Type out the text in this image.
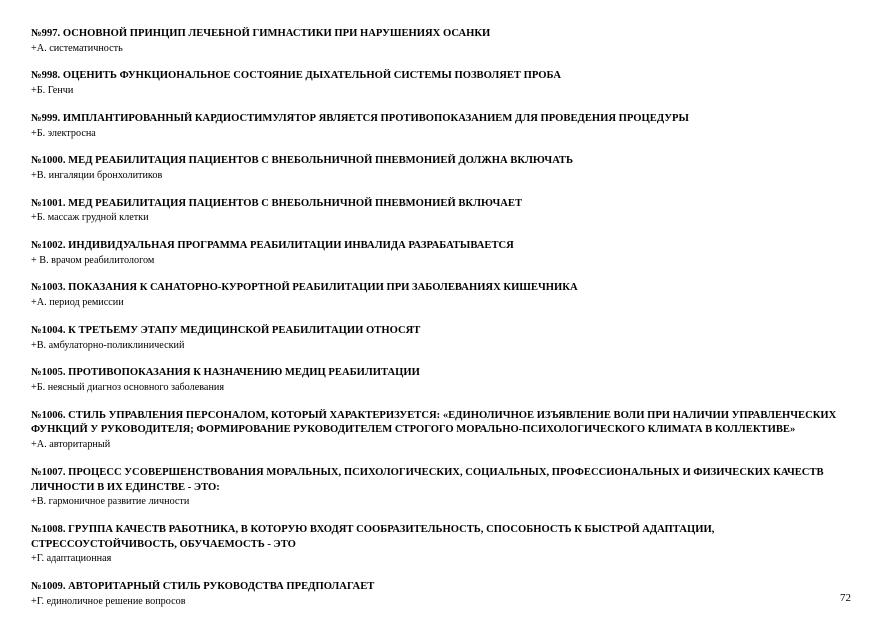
№997. ОСНОВНОЙ ПРИНЦИП ЛЕЧЕБНОЙ ГИМНАСТИКИ ПРИ НАРУШЕНИЯХ ОСАНКИ
+А. систематичность
№998. ОЦЕНИТЬ ФУНКЦИОНАЛЬНОЕ СОСТОЯНИЕ ДЫХАТЕЛЬНОЙ СИСТЕМЫ ПОЗВОЛЯЕТ ПРОБА
+Б. Генчи
№999. ИМПЛАНТИРОВАННЫЙ КАРДИОСТИМУЛЯТОР ЯВЛЯЕТСЯ ПРОТИВОПОКАЗАНИЕМ ДЛЯ ПРОВЕДЕНИЯ ПРОЦЕДУРЫ
+Б. электросна
№1000. МЕД РЕАБИЛИТАЦИЯ ПАЦИЕНТОВ С ВНЕБОЛЬНИЧНОЙ ПНЕВМОНИЕЙ ДОЛЖНА ВКЛЮЧАТЬ
+В. ингаляции бронхолитиков
№1001. МЕД РЕАБИЛИТАЦИЯ ПАЦИЕНТОВ С ВНЕБОЛЬНИЧНОЙ ПНЕВМОНИЕЙ ВКЛЮЧАЕТ
+Б. массаж грудной клетки
№1002. ИНДИВИДУАЛЬНАЯ ПРОГРАММА РЕАБИЛИТАЦИИ ИНВАЛИДА РАЗРАБАТЫВАЕТСЯ
+ В. врачом реабилитологом
№1003. ПОКАЗАНИЯ К САНАТОРНО-КУРОРТНОЙ РЕАБИЛИТАЦИИ ПРИ ЗАБОЛЕВАНИЯХ КИШЕЧНИКА
+А. период ремиссии
№1004. К ТРЕТЬЕМУ ЭТАПУ МЕДИЦИНСКОЙ РЕАБИЛИТАЦИИ ОТНОСЯТ
+В. амбулаторно-поликлинический
№1005. ПРОТИВОПОКАЗАНИЯ К НАЗНАЧЕНИЮ МЕДИЦ РЕАБИЛИТАЦИИ
+Б. неясный диагноз основного заболевания
№1006. СТИЛЬ УПРАВЛЕНИЯ ПЕРСОНАЛОМ, КОТОРЫЙ ХАРАКТЕРИЗУЕТСЯ: «ЕДИНОЛИЧНОЕ ИЗЪЯВЛЕНИЕ ВОЛИ ПРИ НАЛИЧИИ УПРАВЛЕНЧЕСКИХ ФУНКЦИЙ У РУКОВОДИТЕЛЯ; ФОРМИРОВАНИЕ РУКОВОДИТЕЛЕМ СТРОГОГО МОРАЛЬНО-ПСИХОЛОГИЧЕСКОГО КЛИМАТА В КОЛЛЕКТИВЕ»
+А. авторитарный
№1007. ПРОЦЕСС УСОВЕРШЕНСТВОВАНИЯ МОРАЛЬНЫХ, ПСИХОЛОГИЧЕСКИХ, СОЦИАЛЬНЫХ, ПРОФЕССИОНАЛЬНЫХ И ФИЗИЧЕСКИХ КАЧЕСТВ ЛИЧНОСТИ В ИХ ЕДИНСТВЕ - ЭТО:
+В. гармоничное развитие личности
№1008. ГРУППА КАЧЕСТВ РАБОТНИКА, В КОТОРУЮ ВХОДЯТ СООБРАЗИТЕЛЬНОСТЬ, СПОСОБНОСТЬ К БЫСТРОЙ АДАПТАЦИИ, СТРЕССОУСТОЙЧИВОСТЬ, ОБУЧАЕМОСТЬ - ЭТО
+Г. адаптационная
№1009. АВТОРИТАРНЫЙ СТИЛЬ РУКОВОДСТВА ПРЕДПОЛАГАЕТ
+Г. единоличное решение вопросов	72
